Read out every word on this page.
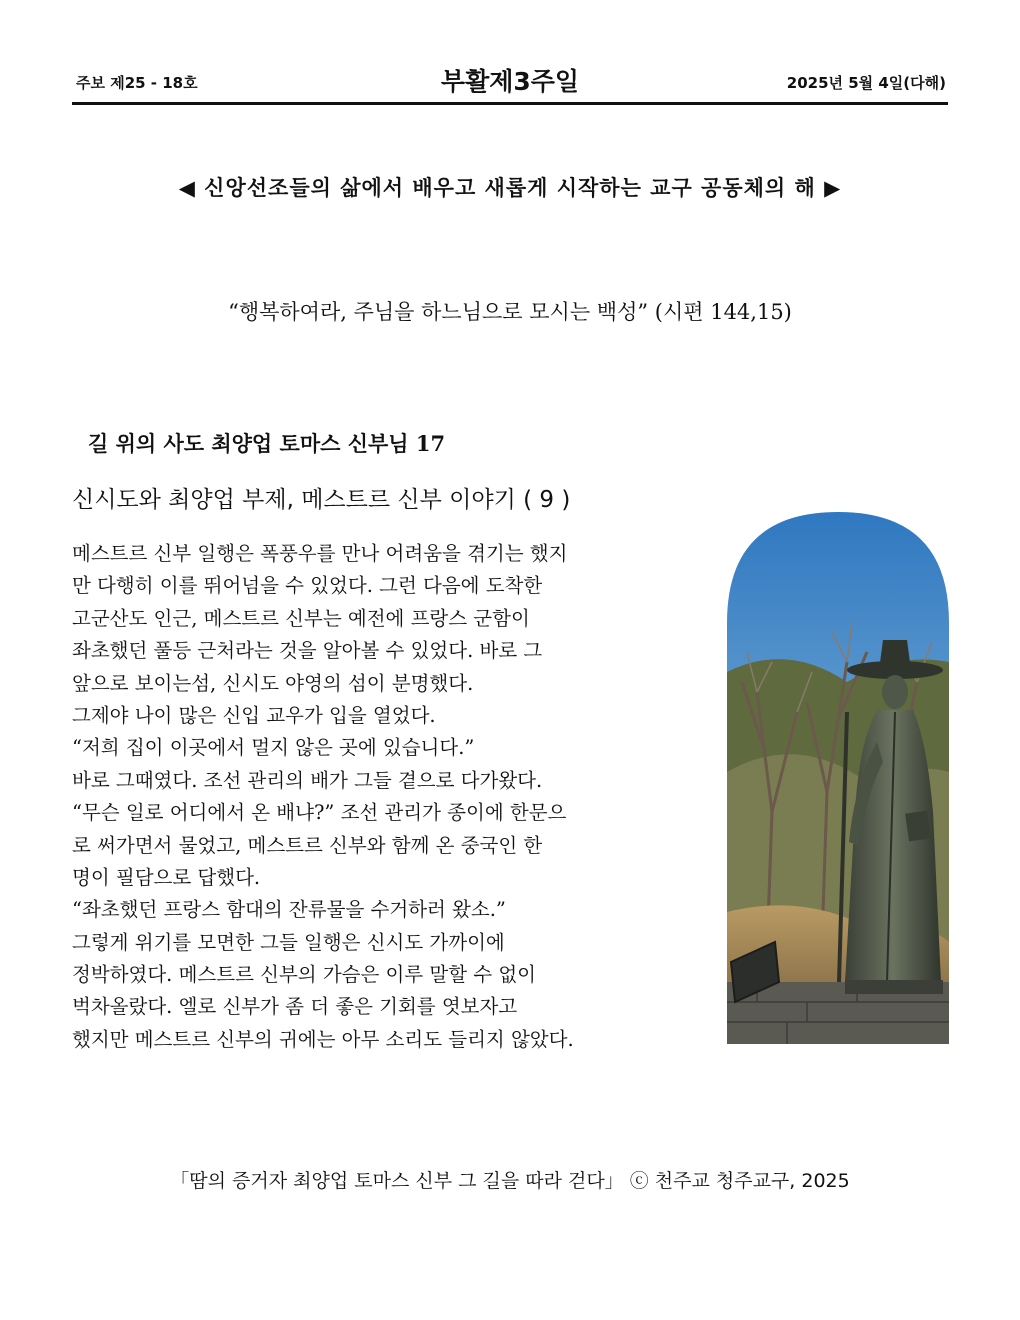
주보 제25 - 18호	부활제3주일	2025년 5월 4일(다해)
◀ 신앙선조들의 삶에서 배우고 새롭게 시작하는 교구 공동체의 해 ▶
“행복하여라, 주님을 하느님으로 모시는 백성” (시편 144,15)
길 위의 사도 최양업 토마스 신부님 17
신시도와 최양업 부제, 메스트르 신부 이야기 ( 9 )
메스트르 신부 일행은 폭풍우를 만나 어려움을 겪기는 했지
만 다행히 이를 뛰어넘을 수 있었다. 그런 다음에 도착한
고군산도 인근, 메스트르 신부는 예전에 프랑스 군함이
좌초했던 풀등 근처라는 것을 알아볼 수 있었다. 바로 그
앞으로 보이는섬, 신시도 야영의 섬이 분명했다.
그제야 나이 많은 신입 교우가 입을 열었다.
“저희 집이 이곳에서 멀지 않은 곳에 있습니다.”
바로 그때였다. 조선 관리의 배가 그들 곁으로 다가왔다.
“무슨 일로 어디에서 온 배냐?” 조선 관리가 종이에 한문으
로 써가면서 물었고, 메스트르 신부와 함께 온 중국인 한
명이 필담으로 답했다.
“좌초했던 프랑스 함대의 잔류물을 수거하러 왔소.”
그렇게 위기를 모면한 그들 일행은 신시도 가까이에
정박하였다. 메스트르 신부의 가슴은 이루 말할 수 없이
벅차올랐다. 엘로 신부가 좀 더 좋은 기회를 엿보자고
했지만 메스트르 신부의 귀에는 아무 소리도 들리지 않았다.
「땀의 증거자 최양업 토마스 신부 그 길을 따라 걷다」 ⓒ 천주교 청주교구, 2025
